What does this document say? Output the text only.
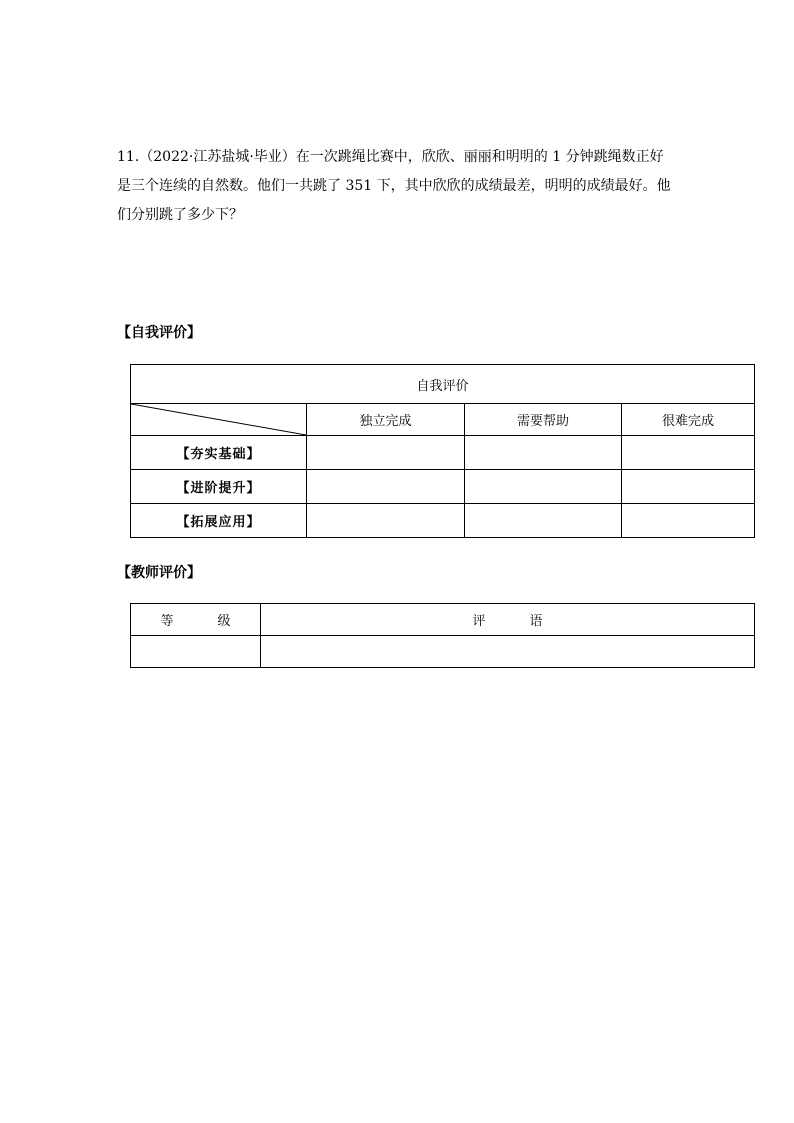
11.（2022·江苏盐城·毕业）在一次跳绳比赛中，欣欣、丽丽和明明的 1 分钟跳绳数正好是三个连续的自然数。他们一共跳了 351 下，其中欣欣的成绩最差，明明的成绩最好。他们分别跳了多少下？

【自我评价】

自我评价			

	独立完成	需要帮助	很难完成
【夯实基础】			
【进阶提升】			
【拓展应用】			

【教师评价】

等 级	评 语
